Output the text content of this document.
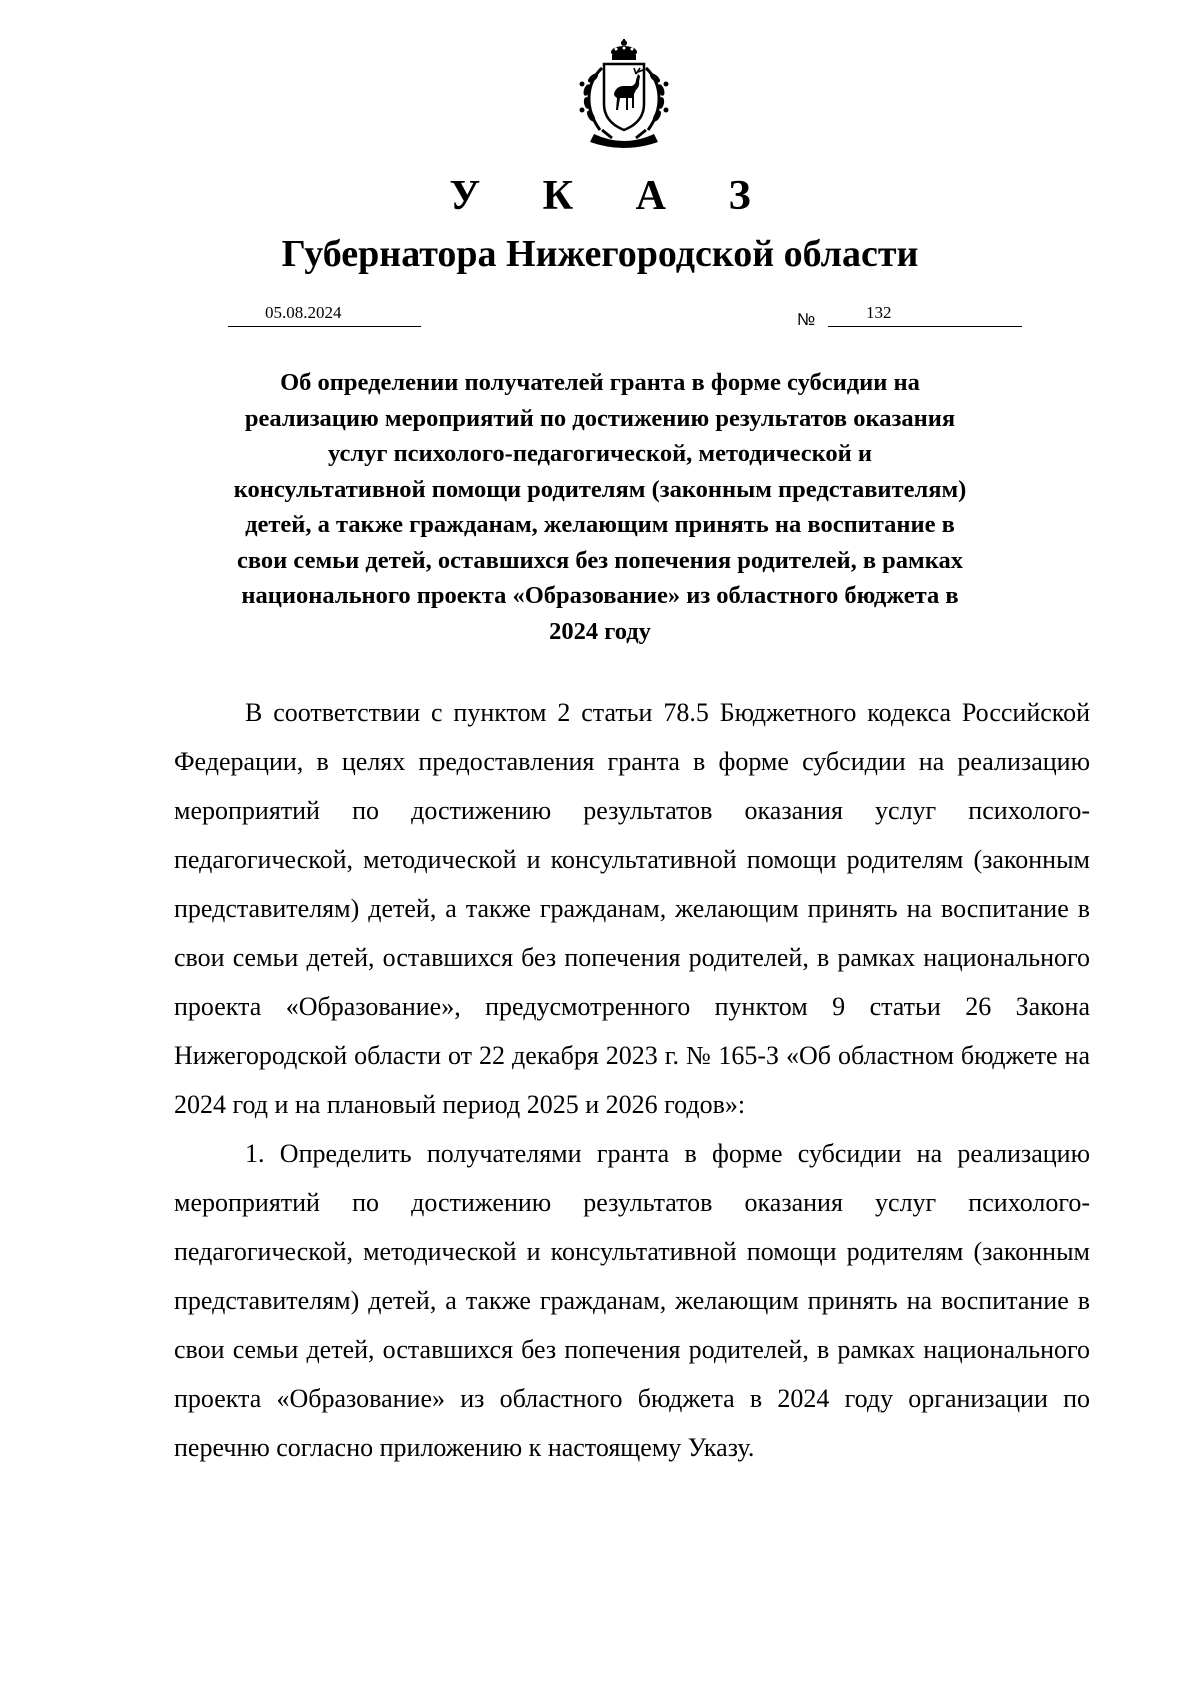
У К А З
Губернатора Нижегородской области
05.08.2024	№	132

Об определении получателей гранта в форме субсидии на реализацию мероприятий по достижению результатов оказания услуг психолого-педагогической, методической и консультативной помощи родителям (законным представителям) детей, а также гражданам, желающим принять на воспитание в свои семьи детей, оставшихся без попечения родителей, в рамках национального проекта «Образование» из областного бюджета в 2024 году

В соответствии с пунктом 2 статьи 78.5 Бюджетного кодекса Российской Федерации, в целях предоставления гранта в форме субсидии на реализацию мероприятий по достижению результатов оказания услуг психолого-педагогической, методической и консультативной помощи родителям (законным представителям) детей, а также гражданам, желающим принять на воспитание в свои семьи детей, оставшихся без попечения родителей, в рамках национального проекта «Образование», предусмотренного пунктом 9 статьи 26 Закона Нижегородской области от 22 декабря 2023 г. № 165-З «Об областном бюджете на 2024 год и на плановый период 2025 и 2026 годов»:

1. Определить получателями гранта в форме субсидии на реализацию мероприятий по достижению результатов оказания услуг психолого-педагогической, методической и консультативной помощи родителям (законным представителям) детей, а также гражданам, желающим принять на воспитание в свои семьи детей, оставшихся без попечения родителей, в рамках национального проекта «Образование» из областного бюджета в 2024 году организации по перечню согласно приложению к настоящему Указу.
